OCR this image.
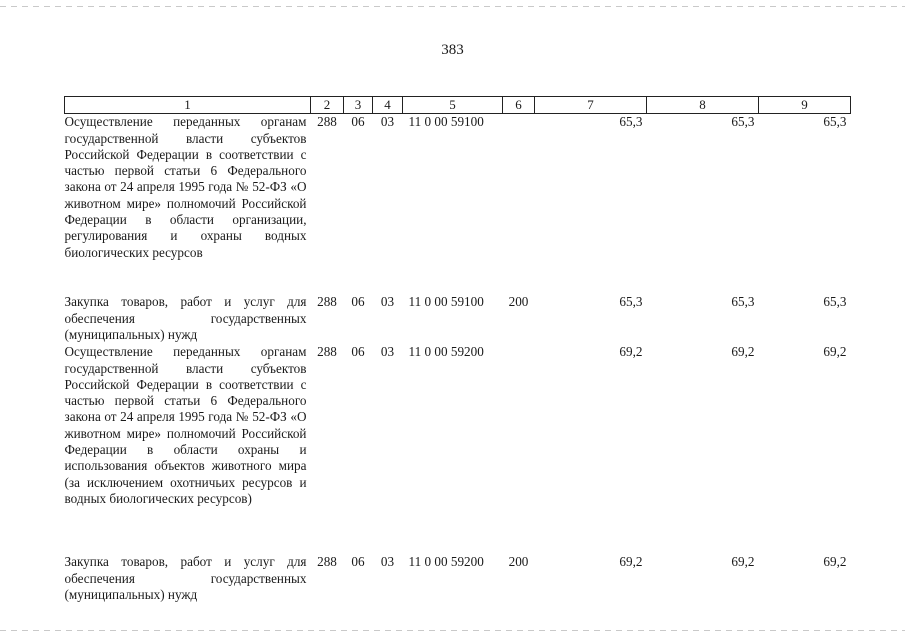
383
1	2	3	4	5	6	7	8	9
Осуществление переданных органам государственной власти субъектов Российской Федерации в соответствии с частью первой статьи 6 Федерального закона от 24 апреля 1995 года № 52-ФЗ «О животном мире» полномочий Российской Федерации в области организации, регулирования и охраны водных биологических ресурсов	288	06	03	11 0 00 59100		65,3	65,3	65,3
Закупка товаров, работ и услуг для обеспечения государственных (муниципальных) нужд	288	06	03	11 0 00 59100	200	65,3	65,3	65,3
Осуществление переданных органам государственной власти субъектов Российской Федерации в соответствии с частью первой статьи 6 Федерального закона от 24 апреля 1995 года № 52-ФЗ «О животном мире» полномочий Российской Федерации в области охраны и использования объектов животного мира (за исключением охотничьих ресурсов и водных биологических ресурсов)	288	06	03	11 0 00 59200		69,2	69,2	69,2
Закупка товаров, работ и услуг для обеспечения государственных (муниципальных) нужд	288	06	03	11 0 00 59200	200	69,2	69,2	69,2
